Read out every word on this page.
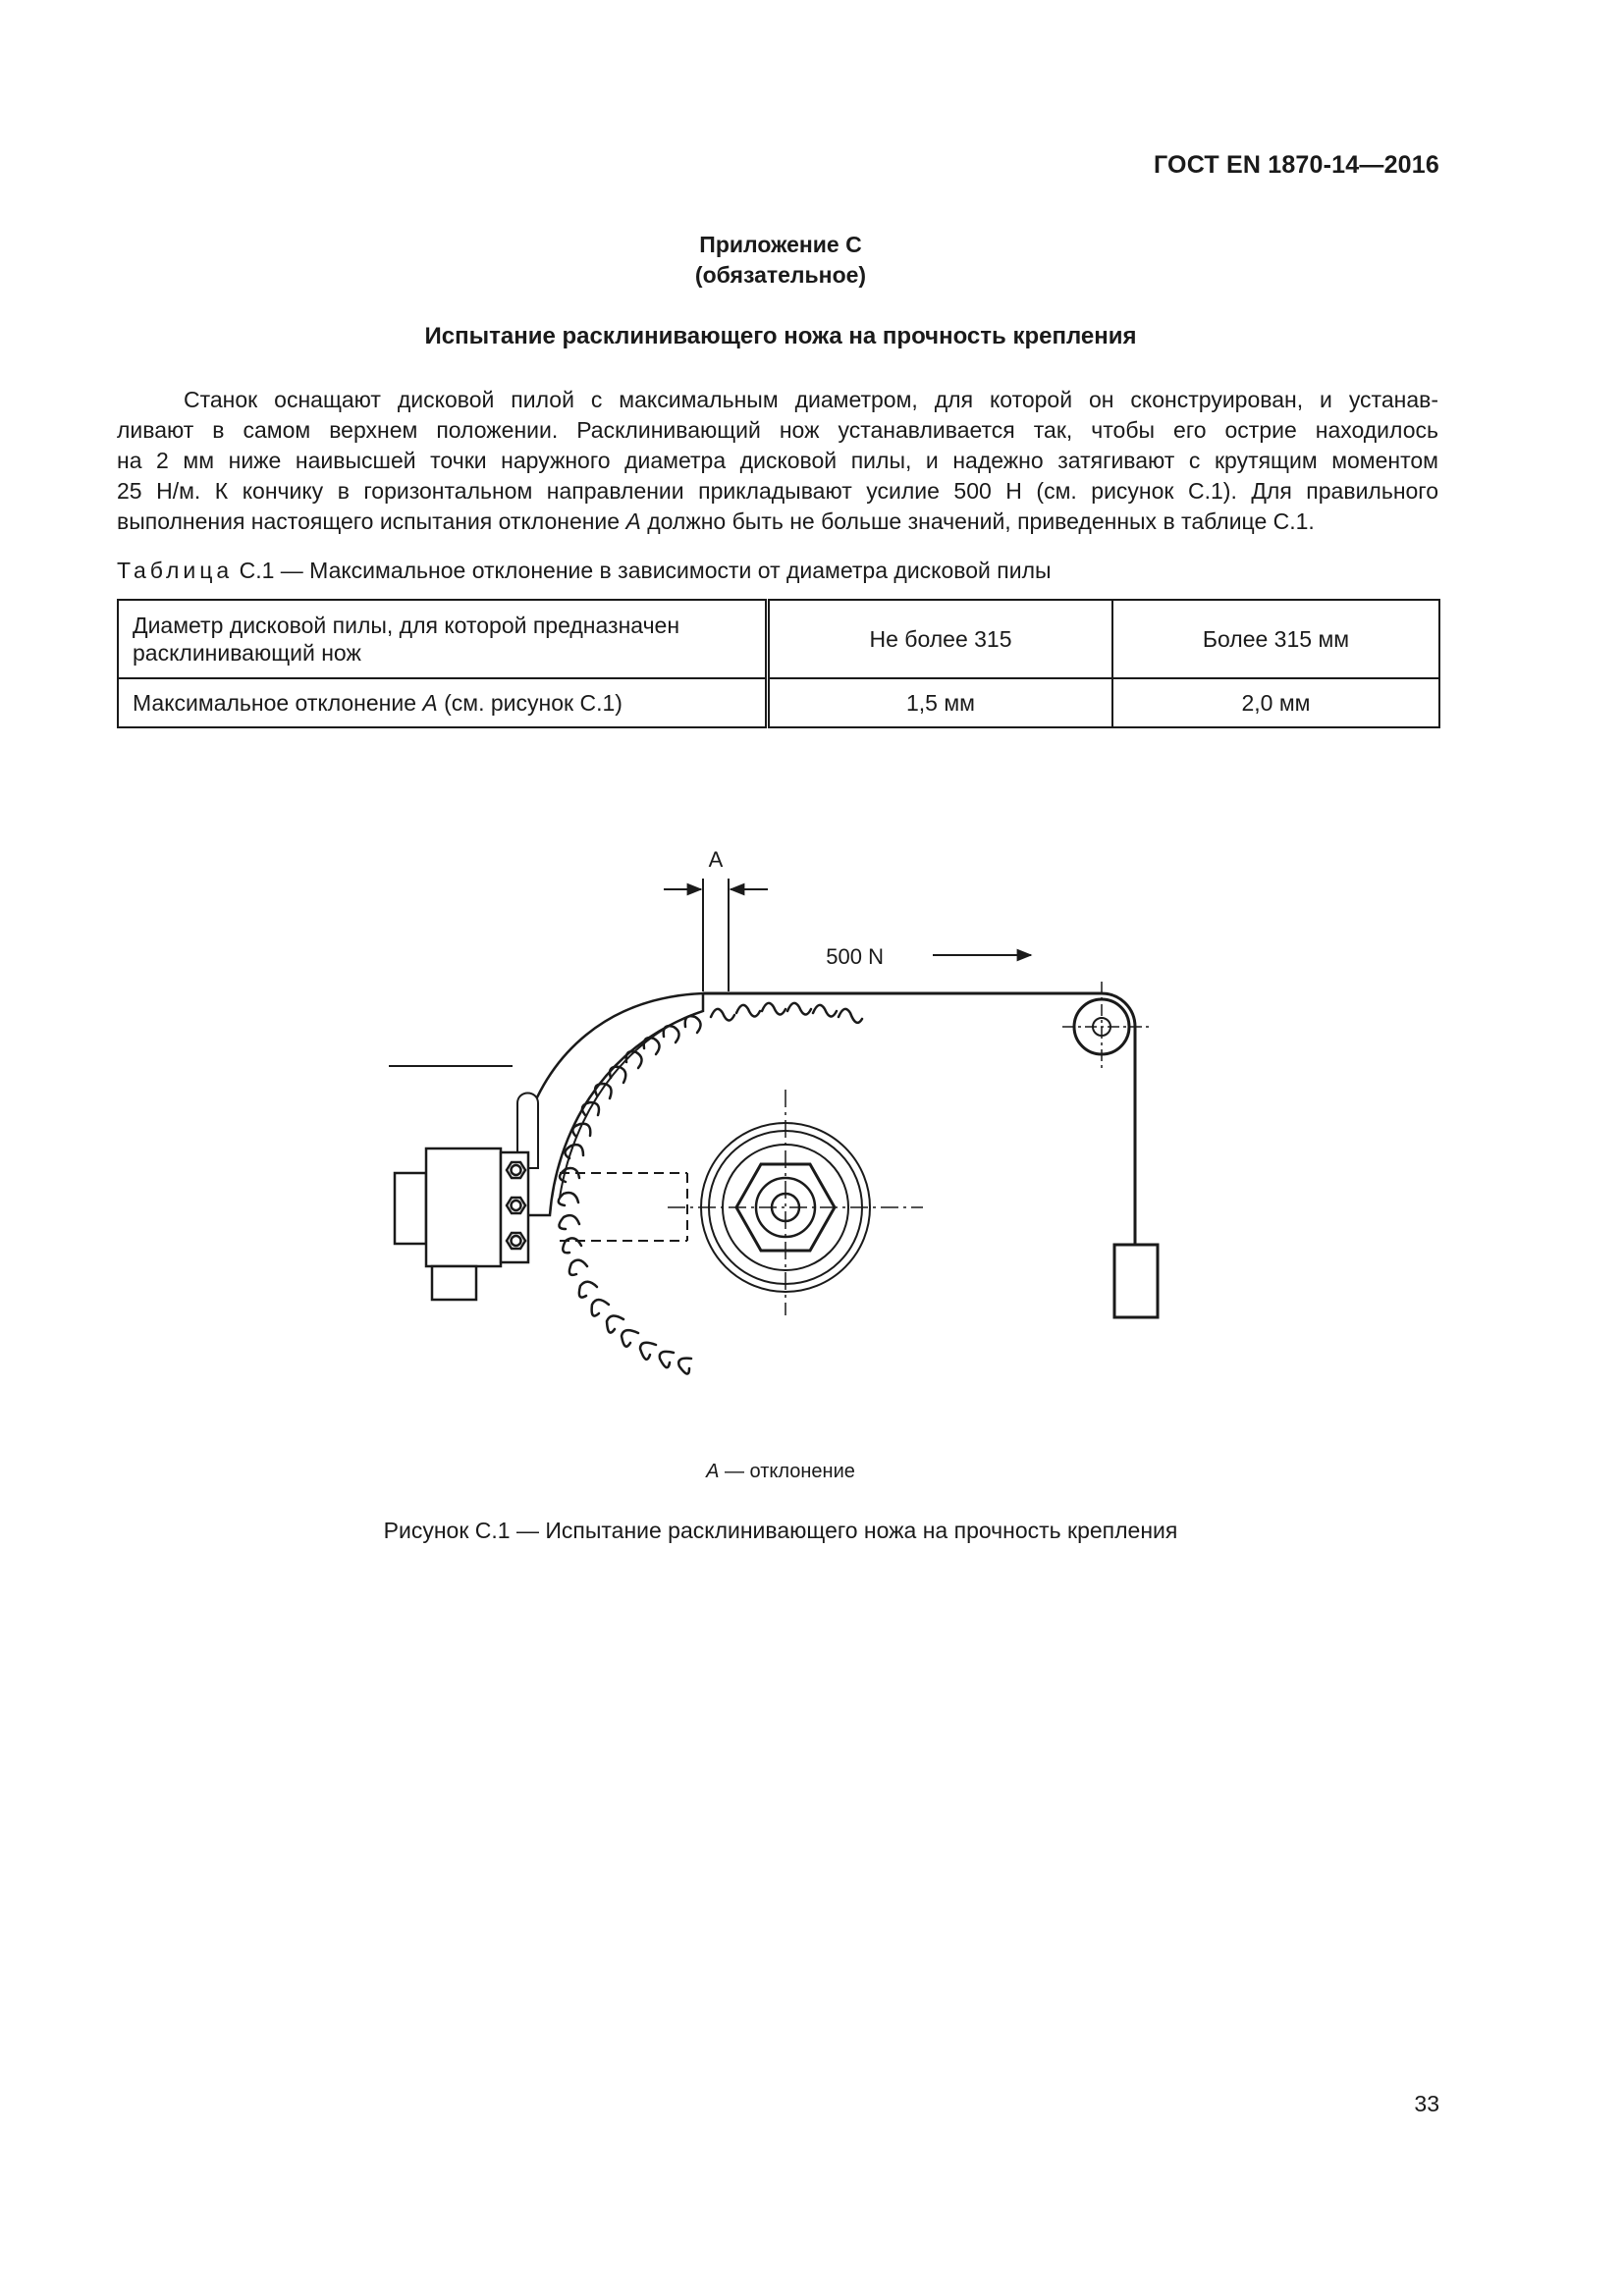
ГОСТ EN 1870-14—2016
Приложение С
(обязательное)
Испытание расклинивающего ножа на прочность крепления
Станок оснащают дисковой пилой с максимальным диаметром, для которой он сконструирован, и устанав-
ливают в самом верхнем положении. Расклинивающий нож устанавливается так, чтобы его острие находилось
на 2 мм ниже наивысшей точки наружного диаметра дисковой пилы, и надежно затягивают с крутящим моментом
25 Н/м. К кончику в горизонтальном направлении прикладывают усилие 500 Н (см. рисунок С.1). Для правильного
выполнения настоящего испытания отклонение А должно быть не больше значений, приведенных в таблице С.1.
Таблица С.1 — Максимальное отклонение в зависимости от диаметра дисковой пилы
Диаметр дисковой пилы, для которой предназначен расклинивающий нож	Не более 315	Более 315 мм
Максимальное отклонение А (см. рисунок С.1)	1,5 мм	2,0 мм
A
500 N
А — отклонение
Рисунок С.1 — Испытание расклинивающего ножа на прочность крепления
33
